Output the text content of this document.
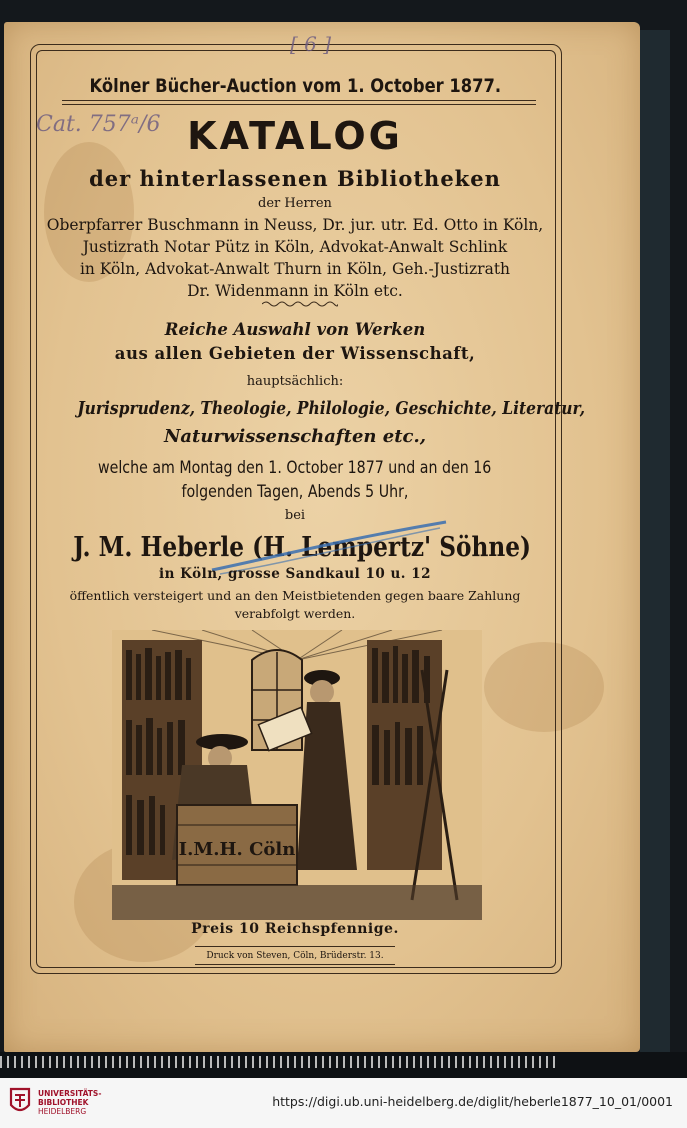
[ 6 ]
Cat. 757ᵃ/6

Kölner Bücher-Auction vom 1. October 1877.

KATALOG

der hinterlassenen Bibliotheken

der Herren

Oberpfarrer Buschmann in Neuss, Dr. jur. utr. Ed. Otto in Köln,

Justizrath Notar Pütz in Köln, Advokat-Anwalt Schlink

in Köln, Advokat-Anwalt Thurn in Köln, Geh.-Justizrath

Dr. Widenmann in Köln etc.

Reiche Auswahl von Werken

aus allen Gebieten der Wissenschaft,

hauptsächlich:

Jurisprudenz, Theologie, Philologie, Geschichte, Literatur,

Naturwissenschaften etc.,

welche am Montag den 1. October 1877 und an den 16

folgenden Tagen, Abends 5 Uhr,

bei

J. M. Heberle (H. Lempertz' Söhne)

in Köln, grosse Sandkaul 10 u. 12

öffentlich versteigert und an den Meistbietenden gegen baare Zahlung

verabfolgt werden.

I.M.H. Cöln

Preis 10 Reichspfennige.

Druck von Steven, Cöln, Brüderstr. 13.

UNIVERSITÄTS-
BIBLIOTHEK
HEIDELBERG
https://digi.ub.uni-heidelberg.de/diglit/heberle1877_10_01/0001
